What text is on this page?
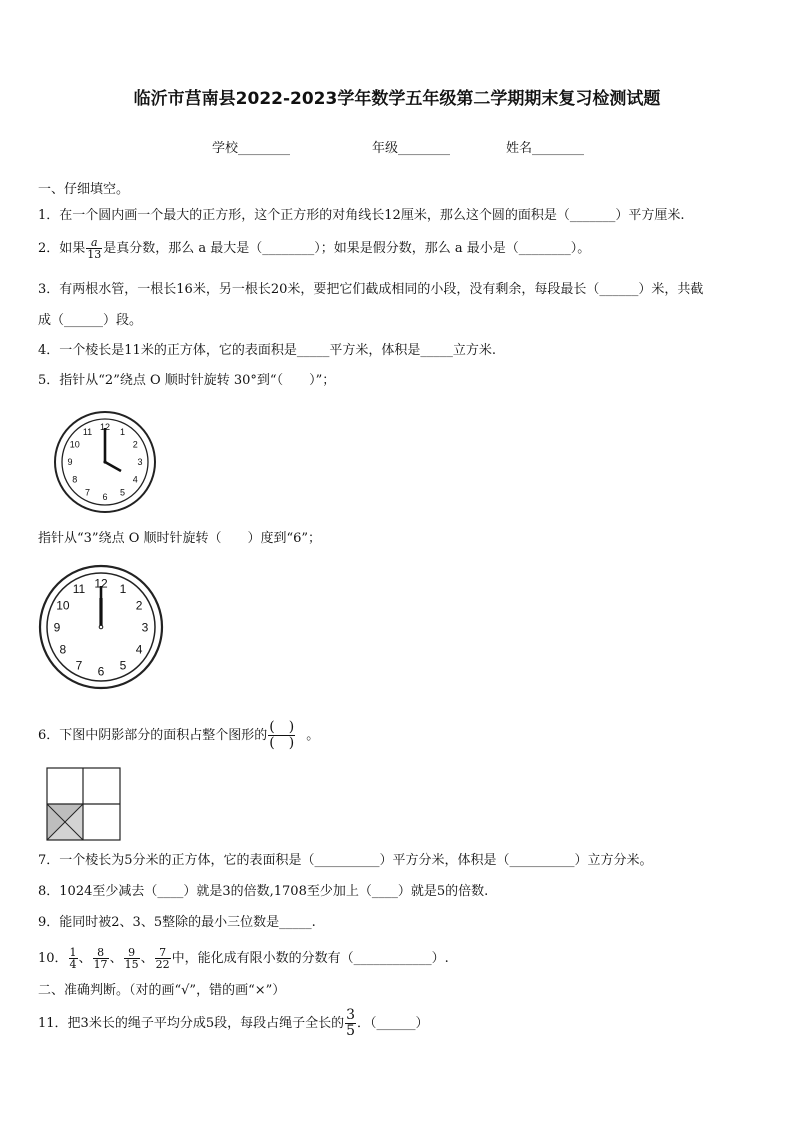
临沂市莒南县2022-2023学年数学五年级第二学期期末复习检测试题
学校________	年级________	姓名________
一、仔细填空。
1．在一个圆内画一个最大的正方形，这个正方形的对角线长12厘米，那么这个圆的面积是（_______）平方厘米.
2．如果 $\frac{a}{13}$ 是真分数，那么 a 最大是（________）；如果是假分数，那么 a 最小是（________）。
3．有两根水管，一根长16米，另一根长20米，要把它们截成相同的小段，没有剩余，每段最长（______）米，共截
成（______）段。
4．一个棱长是11米的正方体，它的表面积是_____平方米，体积是_____立方米.
5．指针从“2”绕点 O 顺时针旋转 30°到“（　　）”；
12 1
2
3
4
5
6
7
8
9
10
11
指针从“3”绕点 O 顺时针旋转（　　）度到“6”；
12 1
2
3
4
5
6
7
8
9
10
11
6．下图中阴影部分的面积占整个图形的 $\frac{( )}{( )}$ 。
7．一个棱长为5分米的正方体，它的表面积是（__________）平方分米，体积是（__________）立方分米。
8．1024至少减去（____）就是3的倍数,1708至少加上（____）就是5的倍数.
9．能同时被2、3、5整除的最小三位数是_____.
10． $\frac{1}{4}$ 、 $\frac{8}{17}$ 、 $\frac{9}{15}$ 、 $\frac{7}{22}$ 中，能化成有限小数的分数有（____________）.
二、准确判断。（对的画“√”，错的画“×”）
11．把3米长的绳子平均分成5段，每段占绳子全长的 $\frac{3}{5}$ ．（______）
